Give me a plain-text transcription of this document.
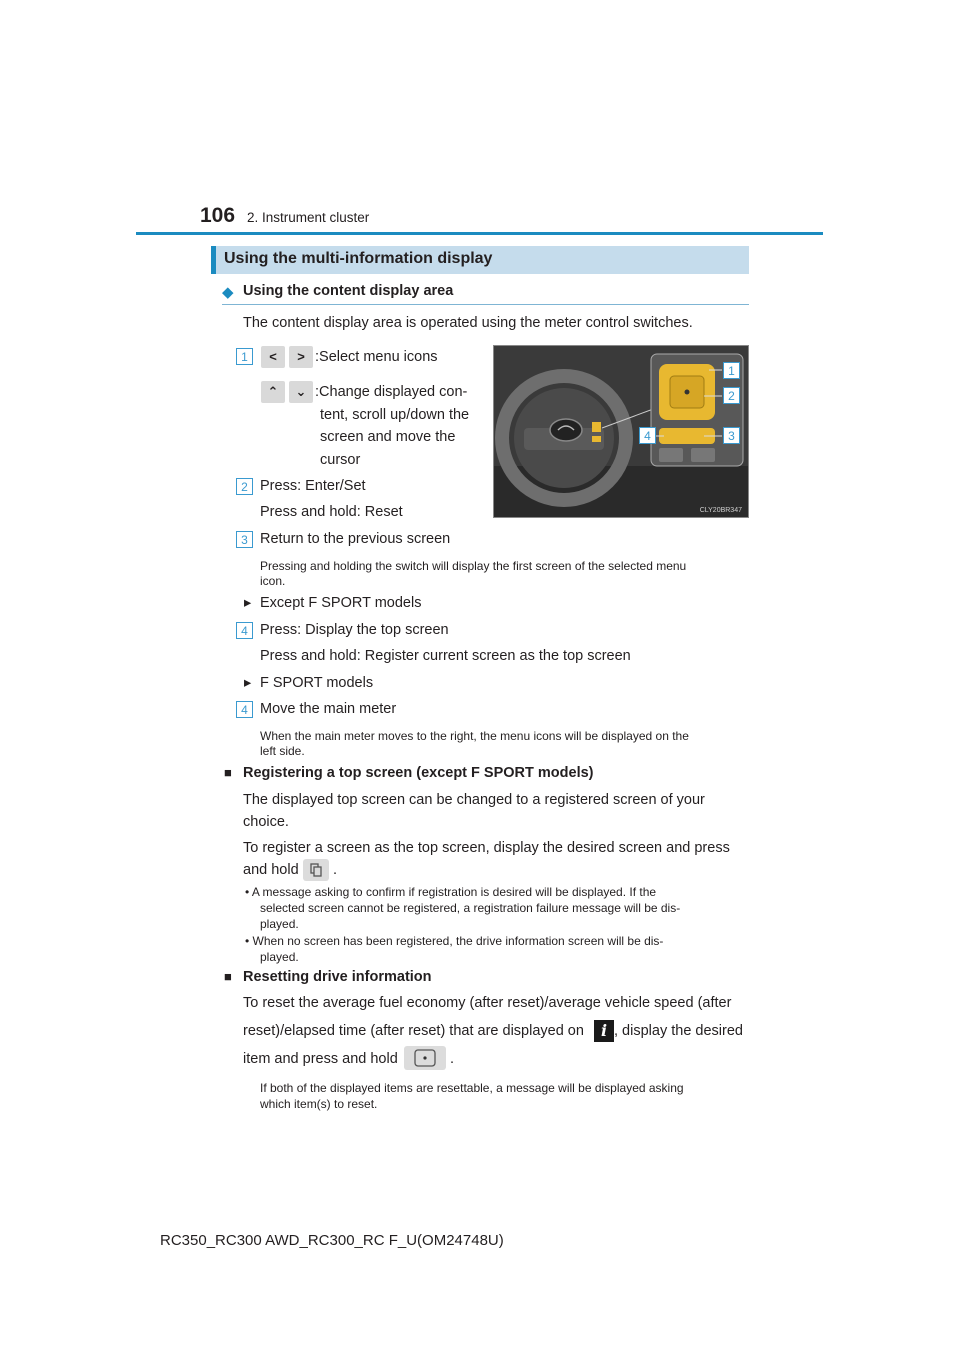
106 2. Instrument cluster
Using the multi-information display
◆ Using the content display area
The content display area is operated using the meter control switches.
1	<	> :Select menu icons
⌃	⌄ :Change displayed con-
tent, scroll up/down the
screen and move the
cursor
1
2
3
4
CLY20BR347
2 Press: Enter/Set
Press and hold: Reset
3 Return to the previous screen
Pressing and holding the switch will display the first screen of the selected menu
icon.
▸ Except F SPORT models
4 Press: Display the top screen
Press and hold: Register current screen as the top screen
▸ F SPORT models
4 Move the main meter
When the main meter moves to the right, the menu icons will be displayed on the
left side.
■ Registering a top screen (except F SPORT models)
The displayed top screen can be changed to a registered screen of your
choice.
To register a screen as the top screen, display the desired screen and press
and hold .
• A message asking to confirm if registration is desired will be displayed. If the
selected screen cannot be registered, a registration failure message will be dis-
played.
• When no screen has been registered, the drive information screen will be dis-
played.
■ Resetting drive information
To reset the average fuel economy (after reset)/average vehicle speed (after
reset)/elapsed time (after reset) that are displayed on	i , display the desired
item and press and hold	.
If both of the displayed items are resettable, a message will be displayed asking
which item(s) to reset.
RC350_RC300 AWD_RC300_RC F_U(OM24748U)
